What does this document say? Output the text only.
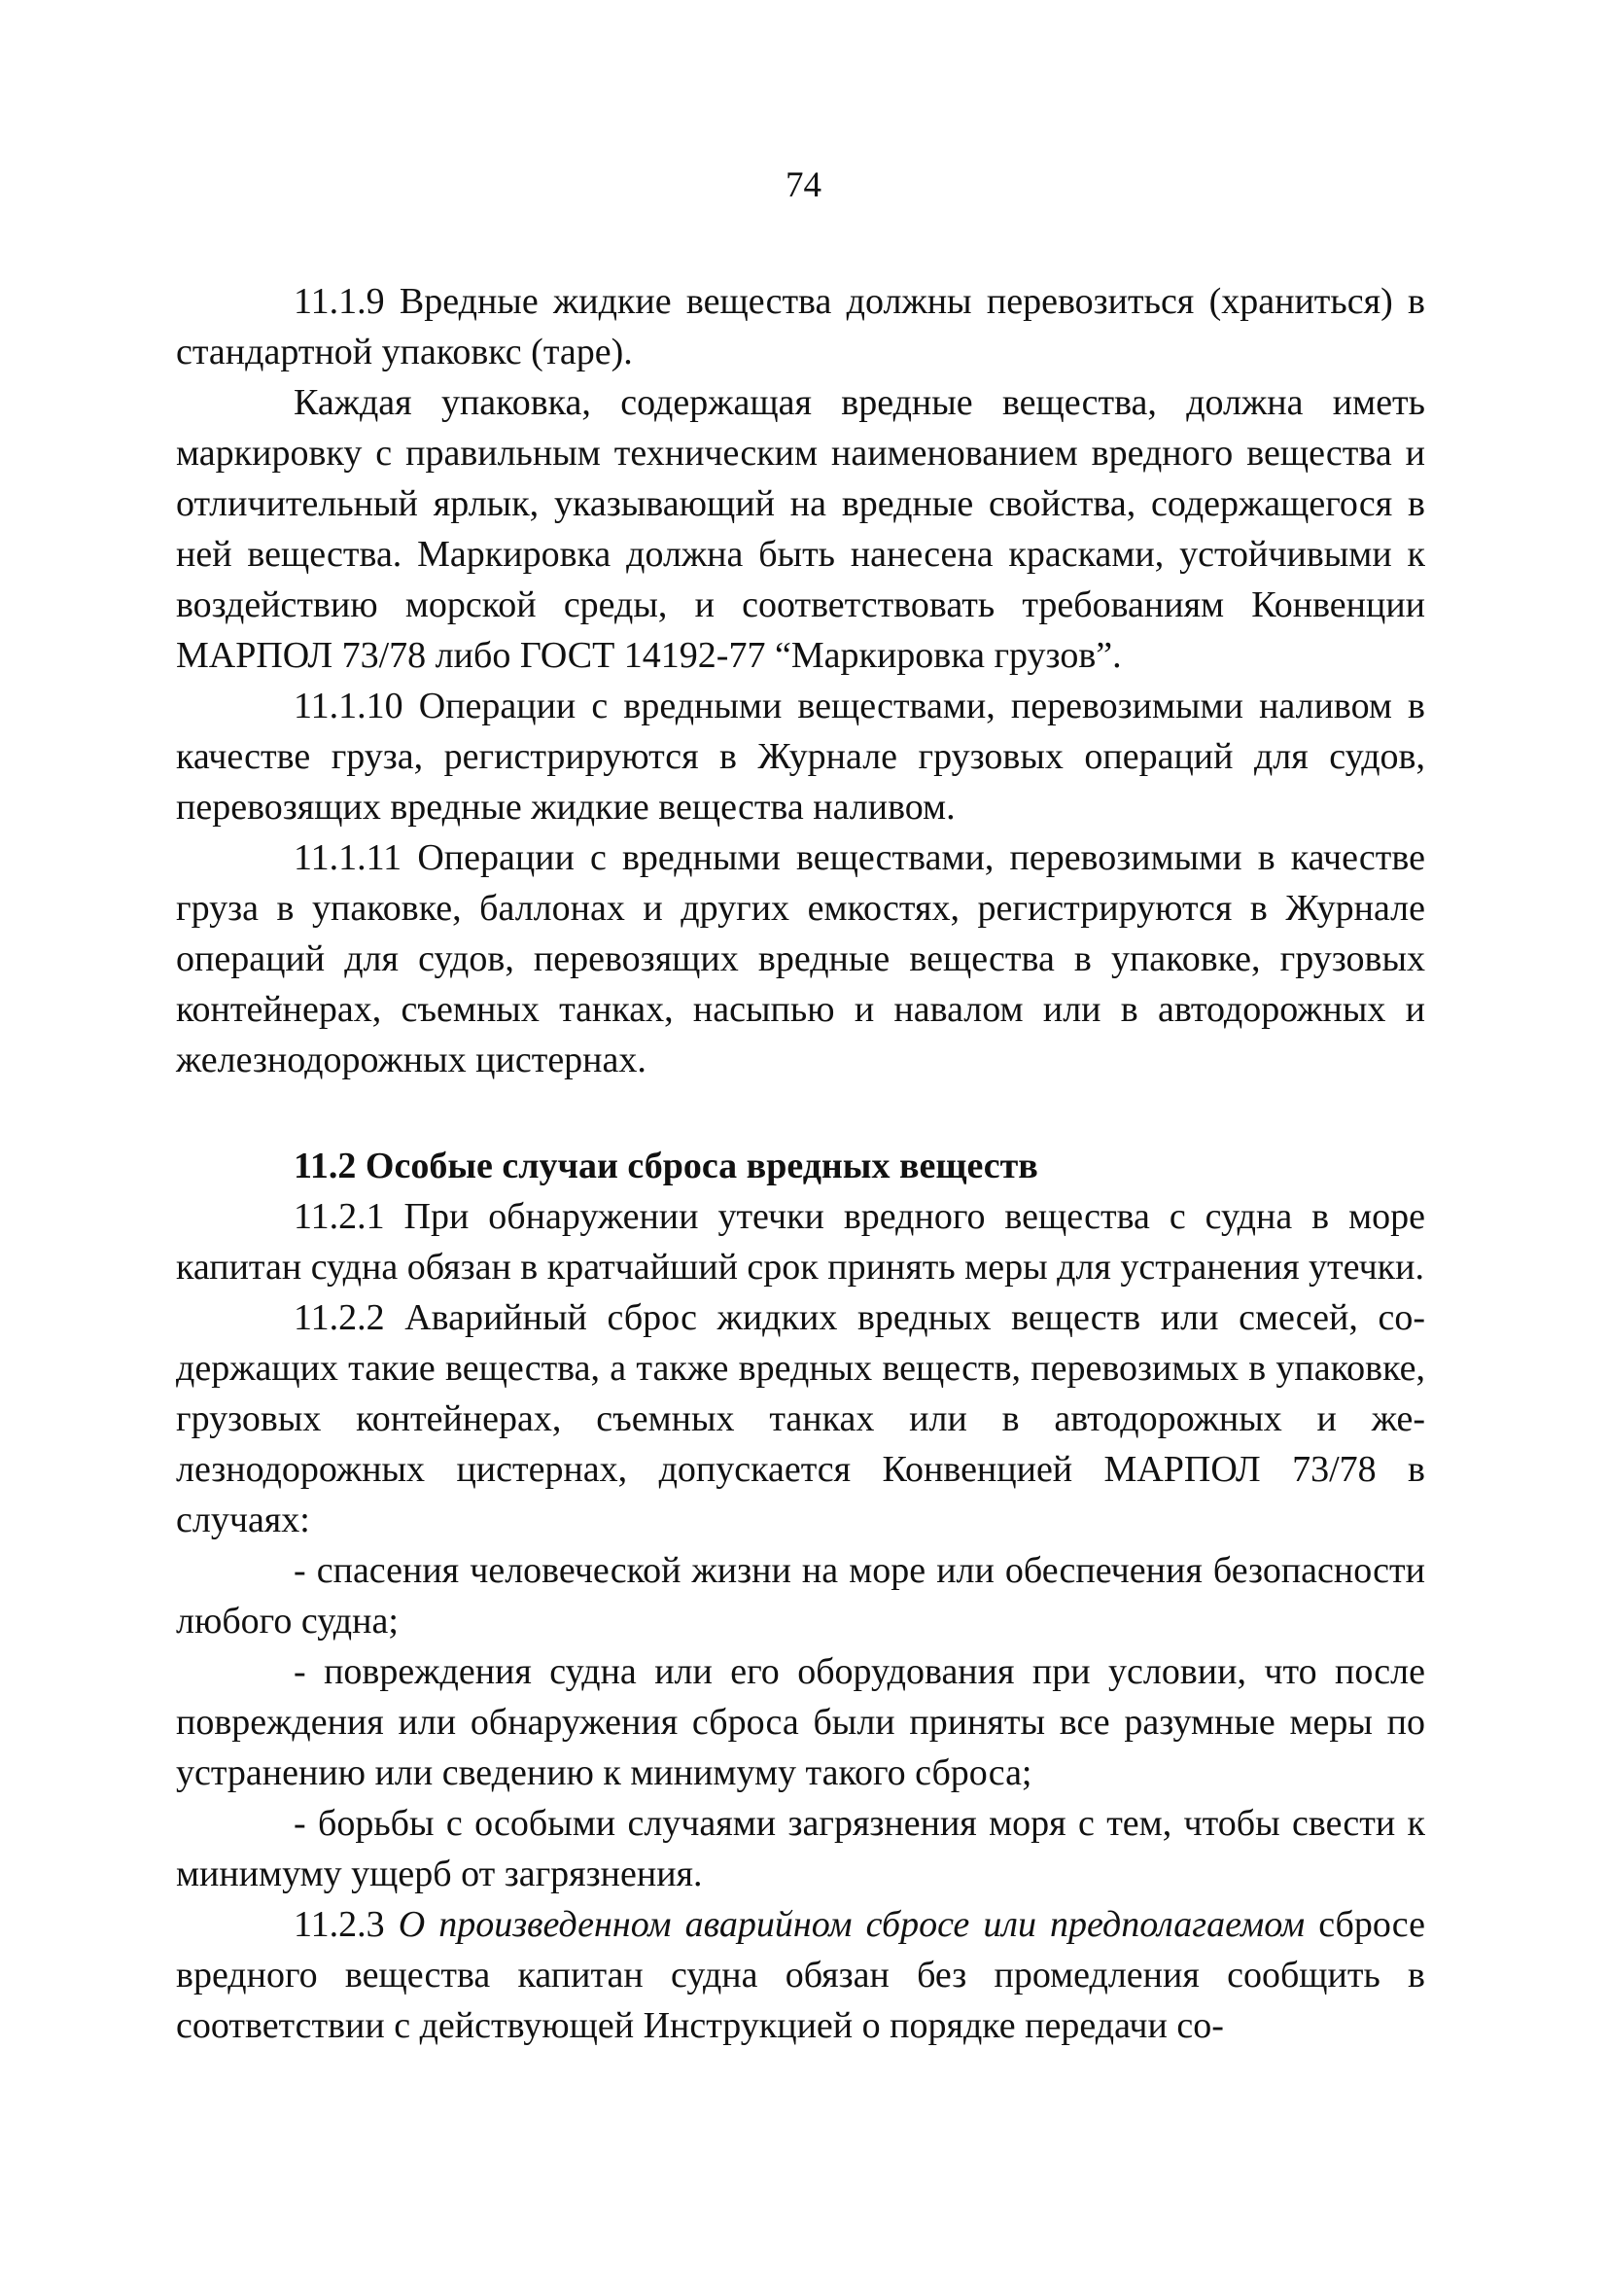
74

11.1.9 Вредные жидкие вещества должны перевозиться (храниться) в стандартной упаковкс (таре).

Каждая упаковка, содержащая вредные вещества, должна иметь маркировку с правильным техническим наименованием вредного вещества и отличительный ярлык, указывающий на вредные свойства, содержащегося в ней вещества. Маркировка должна быть нанесена красками, устойчивыми к воздействию морской среды, и соответствовать требованиям Конвенции МАРПОЛ 73/78 либо ГОСТ 14192-77 “Маркировка грузов”.

11.1.10 Операции с вредными веществами, перевозимыми наливом в качестве груза, регистрируются в Журнале грузовых операций для судов, перевозящих вредные жидкие вещества наливом.

11.1.11 Операции с вредными веществами, перевозимыми в качестве груза в упаковке, баллонах и других емкостях, регистрируются в Журнале операций для судов, перевозящих вредные вещества в упаковке, грузовых контейнерах, съемных танках, насыпью и навалом или в автодорожных и железнодорожных цистернах.

11.2 Особые случаи сброса вредных веществ

11.2.1 При обнаружении утечки вредного вещества с судна в море капитан судна обязан в кратчайший срок принять меры для устранения утечки.

11.2.2 Аварийный сброс жидких вредных веществ или смесей, содержащих такие вещества, а также вредных веществ, перевозимых в упаковке, грузовых контейнерах, съемных танках или в автодорожных и железнодорожных цистернах, допускается Конвенцией МАРПОЛ 73/78 в случаях:

- спасения человеческой жизни на море или обеспечения безопасности любого судна;

- повреждения судна или его оборудования при условии, что после повреждения или обнаружения сброса были приняты все разумные меры по устранению или сведению к минимуму такого сброса;

- борьбы с особыми случаями загрязнения моря с тем, чтобы свести к минимуму ущерб от загрязнения.

11.2.3 О произведенном аварийном сбросе или предполагаемом сбросе вредного вещества капитан судна обязан без промедления сообщить в соответствии с действующей Инструкцией о порядке передачи со-
